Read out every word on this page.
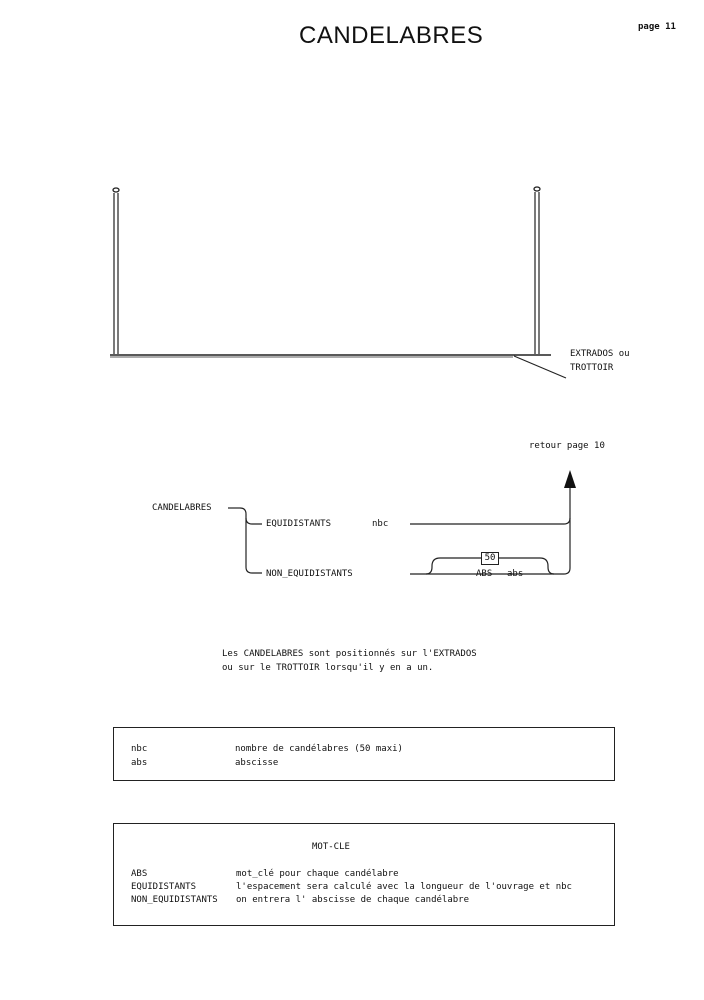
CANDELABRES	page 11
EXTRADOS ou
TROTTOIR
retour page 10
CANDELABRES
EQUIDISTANTS	nbc
NON_EQUIDISTANTS
50
ABS abs
Les CANDELABRES sont positionnés sur l'EXTRADOS
ou sur le TROTTOIR lorsqu'il y en a un.
nbc	nombre de candélabres (50 maxi)
abs	abscisse
MOT-CLE
ABS	mot_clé pour chaque candélabre
EQUIDISTANTS	l'espacement sera calculé avec la longueur de l'ouvrage et nbc
NON_EQUIDISTANTS on entrera l' abscisse de chaque candélabre
